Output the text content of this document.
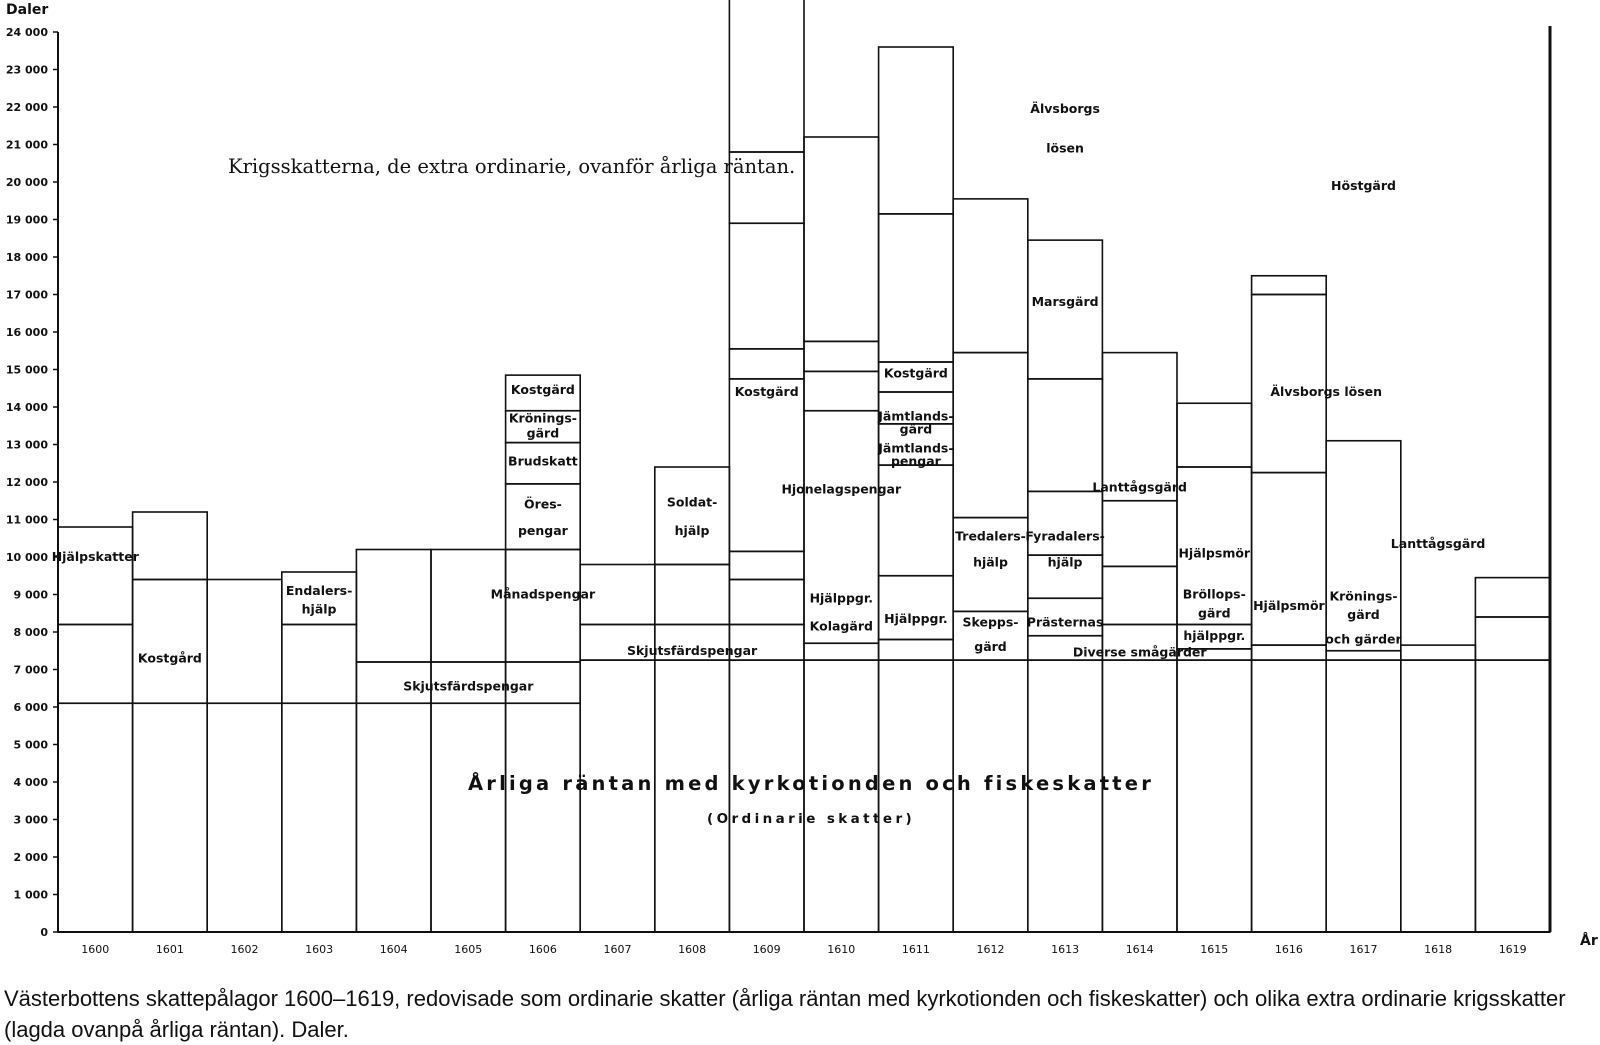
0
1 000
2 000
3 000
4 000
5 000
6 000
7 000
8 000
9 000
10 000
11 000
12 000
13 000
14 000
15 000
16 000
17 000
18 000
19 000
20 000
21 000
22 000
23 000
24 000
1600	1601	1602	1603	1604	1605	1606	1607	1608	1609	1610	1611	1612	1613	1614	1615	1616	1617	1618	1619
Hjälpskatter
Kostgård
Endalers-
hjälp
Skjutsfärdspengar
Månadspengar
Öres-
pengar
Brudskatt
Krönings-
gärd
Kostgärd
Skjutsfärdspengar
Soldat-
hjälp
Kostgärd
Hjonelagspengar
Hjälppgr.
Kolagärd
Kostgärd
Jämtlands-
gärd
Jämtlands-
pengar
Hjälppgr.
Tredalers-
hjälp
Skepps-
gärd
Älvsborgs
lösen
Marsgärd
Fyradalers-
hjälp
Prästernas
Diverse smågärder
Lanttågsgärd
Hjälpsmör
Bröllops-
gärd
hjälppgr.
Hjälpsmör
Älvsborgs lösen
Höstgärd
Krönings-
gärd
och gärder
Lanttågsgärd
Daler
År
Krigsskatterna, de extra ordinarie, ovanför årliga räntan.
Årliga räntan med kyrkotionden och fiskeskatter
(Ordinarie skatter)

Västerbottens skattepålagor 1600–1619, redovisade som ordinarie skatter (årliga räntan med kyrkotionden och fiskeskatter) och olika extra ordinarie krigsskatter (lagda ovanpå årliga räntan). Daler.
